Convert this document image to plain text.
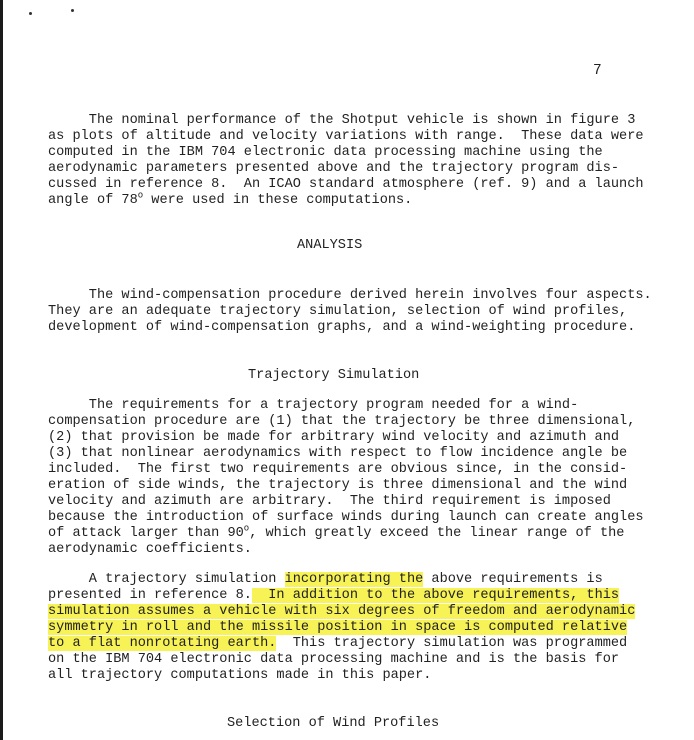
7
The nominal performance of the Shotput vehicle is shown in figure 3
as plots of altitude and velocity variations with range.  These data were
computed in the IBM 704 electronic data processing machine using the
aerodynamic parameters presented above and the trajectory program dis-
cussed in reference 8.  An ICAO standard atmosphere (ref. 9) and a launch
angle of 78$^o$ were used in these computations.
ANALYSIS
The wind-compensation procedure derived herein involves four aspects.
They are an adequate trajectory simulation, selection of wind profiles,
development of wind-compensation graphs, and a wind-weighting procedure.
Trajectory Simulation
The requirements for a trajectory program needed for a wind-
compensation procedure are (1) that the trajectory be three dimensional,
(2) that provision be made for arbitrary wind velocity and azimuth and
(3) that nonlinear aerodynamics with respect to flow incidence angle be
included.  The first two requirements are obvious since, in the consid-
eration of side winds, the trajectory is three dimensional and the wind
velocity and azimuth are arbitrary.  The third requirement is imposed
because the introduction of surface winds during launch can create angles
of attack larger than 90$^o$, which greatly exceed the linear range of the
aerodynamic coefficients.
A trajectory simulation incorporating the above requirements is
presented in reference 8.  In addition to the above requirements, this
simulation assumes a vehicle with six degrees of freedom and aerodynamic
symmetry in roll and the missile position in space is computed relative
to a flat nonrotating earth.  This trajectory simulation was programmed
on the IBM 704 electronic data processing machine and is the basis for
all trajectory computations made in this paper.
Selection of Wind Profiles
